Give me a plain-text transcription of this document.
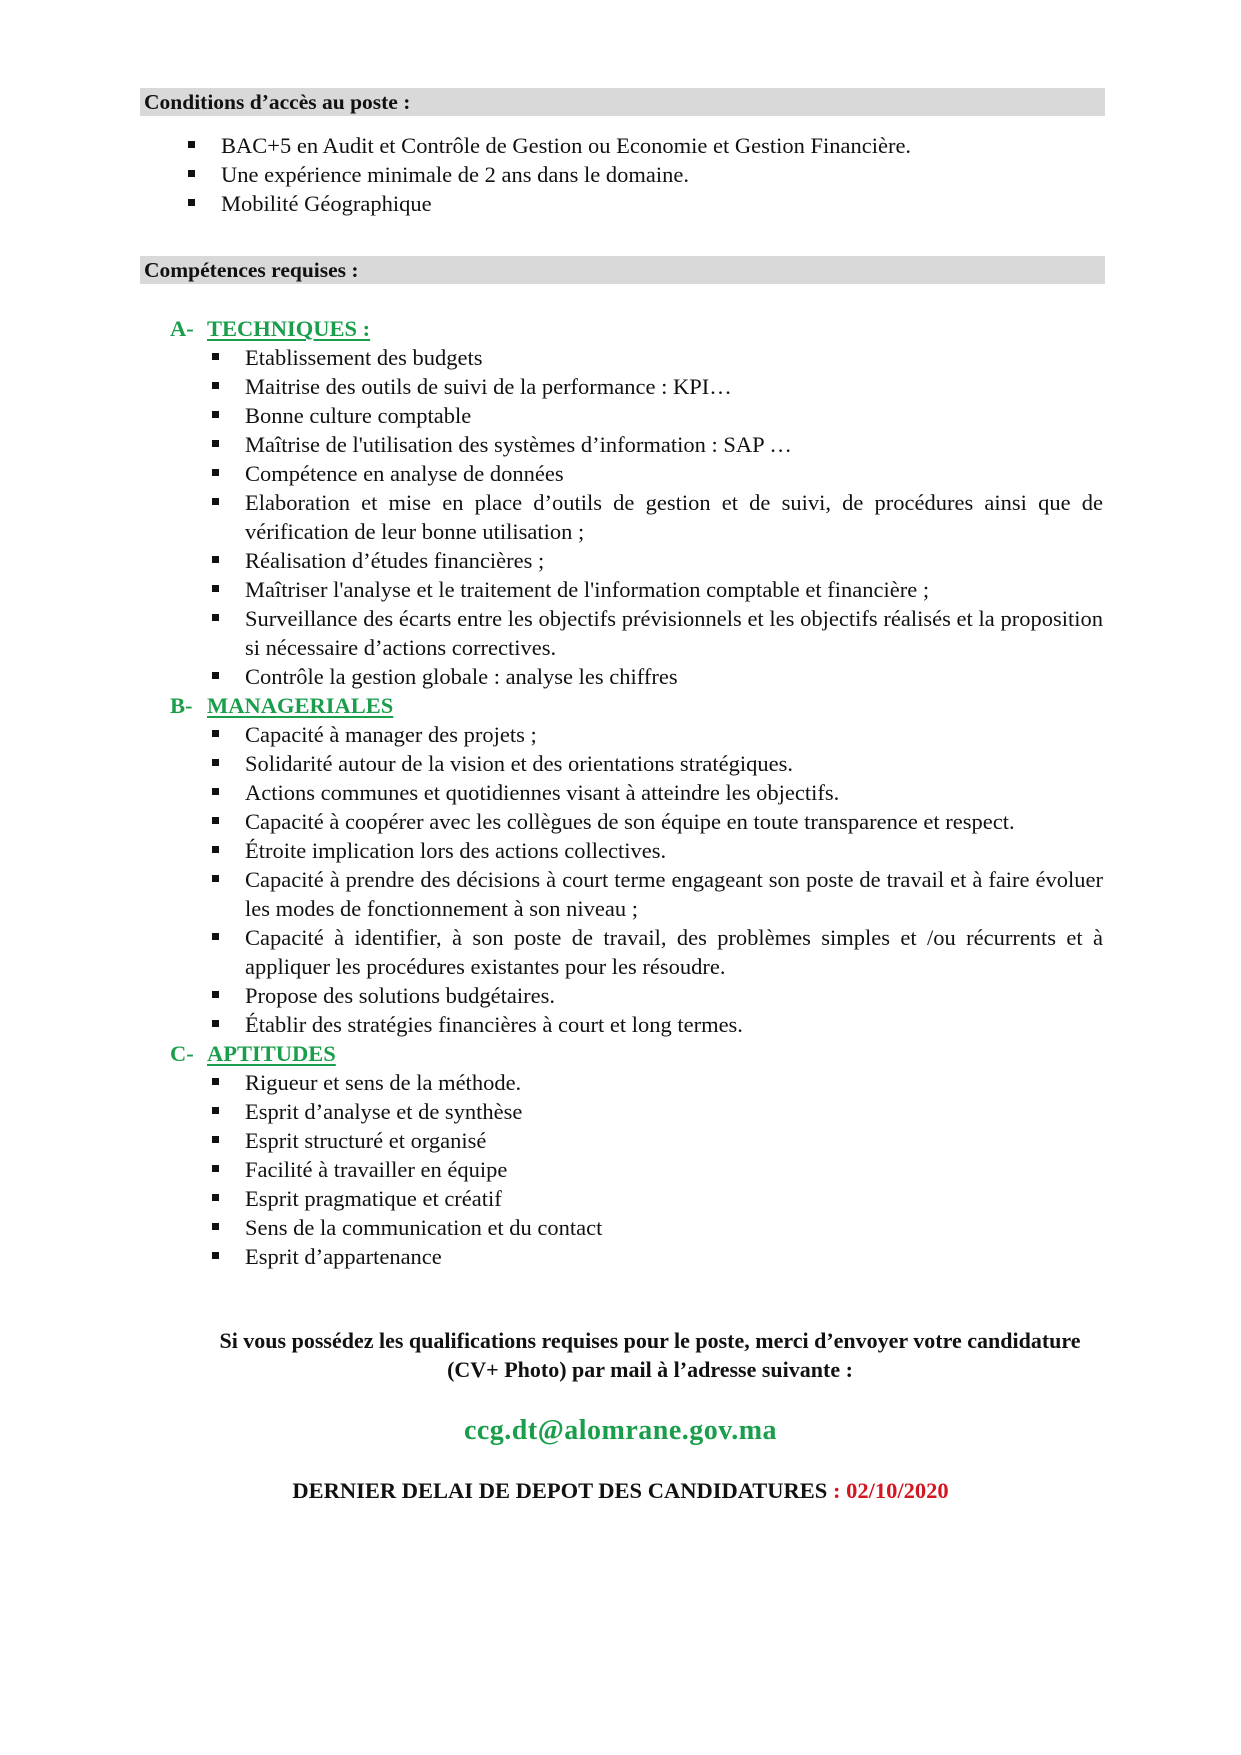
Conditions d’accès au poste :
BAC+5 en Audit et Contrôle de Gestion ou Economie et Gestion Financière.
Une expérience minimale de 2 ans dans le domaine.
Mobilité Géographique
Compétences requises :
A- TECHNIQUES :
Etablissement des budgets
Maitrise des outils de suivi de la performance : KPI…
Bonne culture comptable
Maîtrise de l'utilisation des systèmes d’information : SAP …
Compétence en analyse de données
Elaboration et mise en place d’outils de gestion et de suivi, de procédures ainsi que de vérification de leur bonne utilisation ;
Réalisation d’études financières ;
Maîtriser l'analyse et le traitement de l'information comptable et financière ;
Surveillance des écarts entre les objectifs prévisionnels et les objectifs réalisés et la proposition si nécessaire d’actions correctives.
Contrôle la gestion globale : analyse les chiffres
B- MANAGERIALES
Capacité à manager des projets ;
Solidarité autour de la vision et des orientations stratégiques.
Actions communes et quotidiennes visant à atteindre les objectifs.
Capacité à coopérer avec les collègues de son équipe en toute transparence et respect.
Étroite implication lors des actions collectives.
Capacité à prendre des décisions à court terme engageant son poste de travail et à faire évoluer les modes de fonctionnement à son niveau ;
Capacité à identifier, à son poste de travail, des problèmes simples et /ou récurrents et à appliquer les procédures existantes pour les résoudre.
Propose des solutions budgétaires.
Établir des stratégies financières à court et long termes.
C- APTITUDES
Rigueur et sens de la méthode.
Esprit d’analyse et de synthèse
Esprit structuré et organisé
Facilité à travailler en équipe
Esprit pragmatique et créatif
Sens de la communication et du contact
Esprit d’appartenance
Si vous possédez les qualifications requises pour le poste, merci d’envoyer votre candidature (CV+ Photo) par mail à l’adresse suivante :
ccg.dt@alomrane.gov.ma
DERNIER DELAI DE DEPOT DES CANDIDATURES : 02/10/2020
